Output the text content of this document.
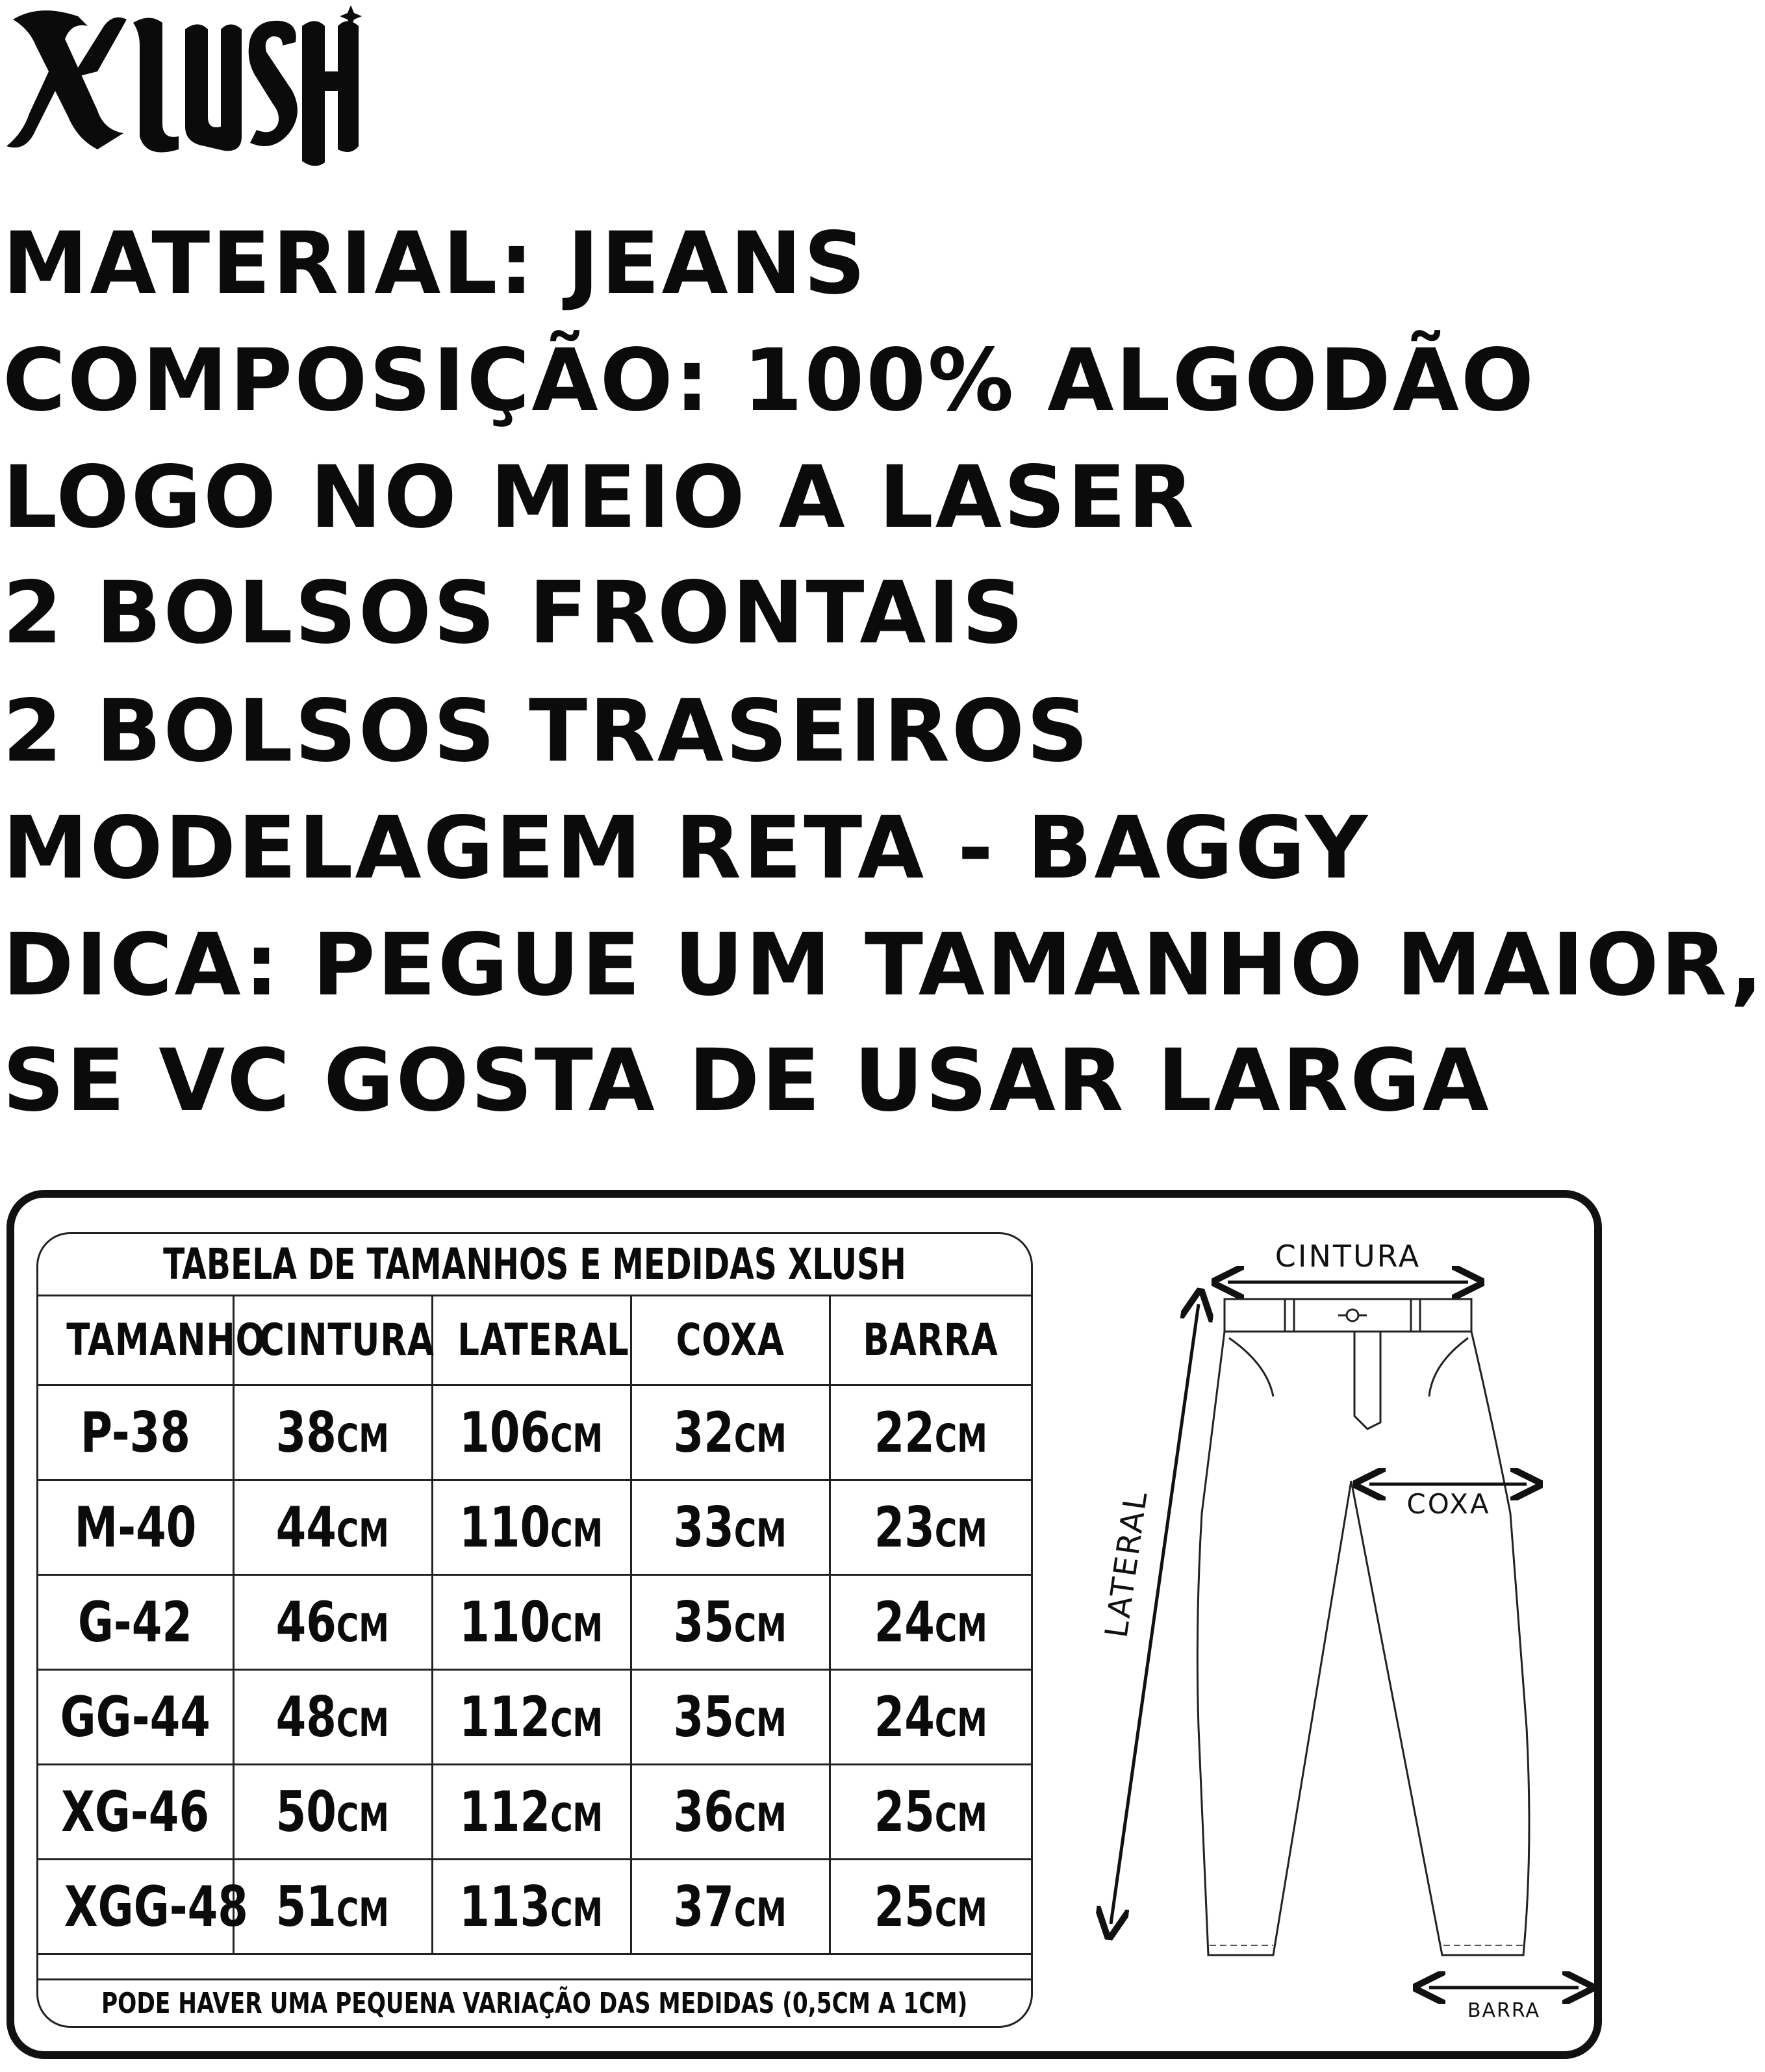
MATERIAL: JEANS

COMPOSIÇÃO: 100% ALGODÃO

LOGO NO MEIO A LASER

2 BOLSOS FRONTAIS

2 BOLSOS TRASEIROS

MODELAGEM RETA - BAGGY

DICA: PEGUE UM TAMANHO MAIOR,

SE VC GOSTA DE USAR LARGA

TABELA DE TAMANHOS E MEDIDAS XLUSH
TAMANHO	CINTURA	LATERAL	COXA	BARRA
P-38	38CM	106CM	32CM	22CM
M-40	44CM	110CM	33CM	23CM
G-42	46CM	110CM	35CM	24CM
GG-44	48CM	112CM	35CM	24CM
XG-46	50CM	112CM	36CM	25CM
XGG-48	51CM	113CM	37CM	25CM
PODE HAVER UMA PEQUENA VARIAÇÃO DAS MEDIDAS (0,5CM A 1CM)
CINTURA
COXA
LATERAL
BARRA
